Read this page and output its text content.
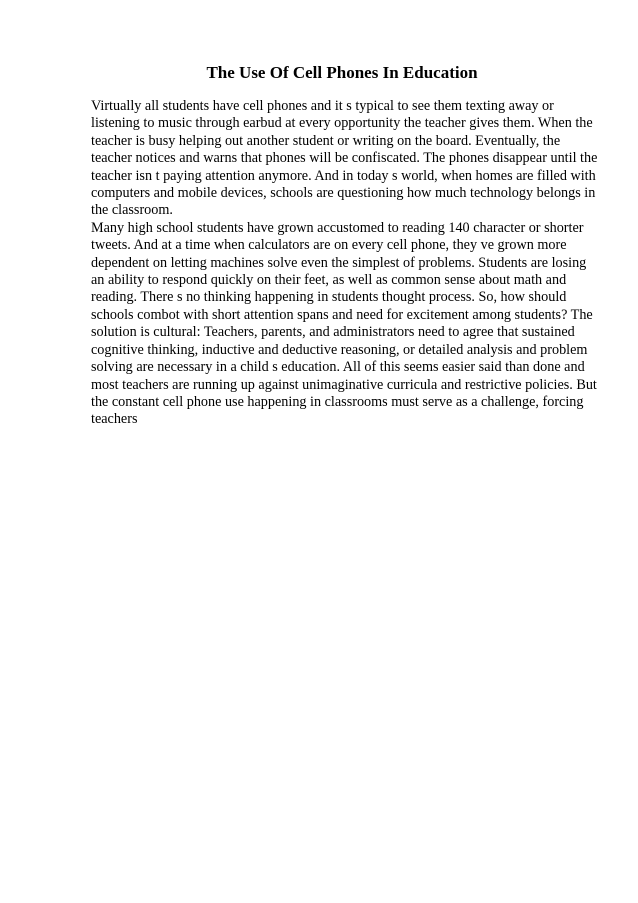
The Use Of Cell Phones In Education

Virtually all students have cell phones and it s typical to see them texting away or listening to music through earbud at every opportunity the teacher gives them. When the teacher is busy helping out another student or writing on the board. Eventually, the teacher notices and warns that phones will be confiscated. The phones disappear until the teacher isn t paying attention anymore. And in today s world, when homes are filled with computers and mobile devices, schools are questioning how much technology belongs in the classroom.

Many high school students have grown accustomed to reading 140 character or shorter tweets. And at a time when calculators are on every cell phone, they ve grown more dependent on letting machines solve even the simplest of problems. Students are losing an ability to respond quickly on their feet, as well as common sense about math and reading. There s no thinking happening in students thought process. So, how should schools combot with short attention spans and need for excitement among students? The solution is cultural: Teachers, parents, and administrators need to agree that sustained cognitive thinking, inductive and deductive reasoning, or detailed analysis and problem solving are necessary in a child s education. All of this seems easier said than done and most teachers are running up against unimaginative curricula and restrictive policies. But the constant cell phone use happening in classrooms must serve as a challenge, forcing teachers
